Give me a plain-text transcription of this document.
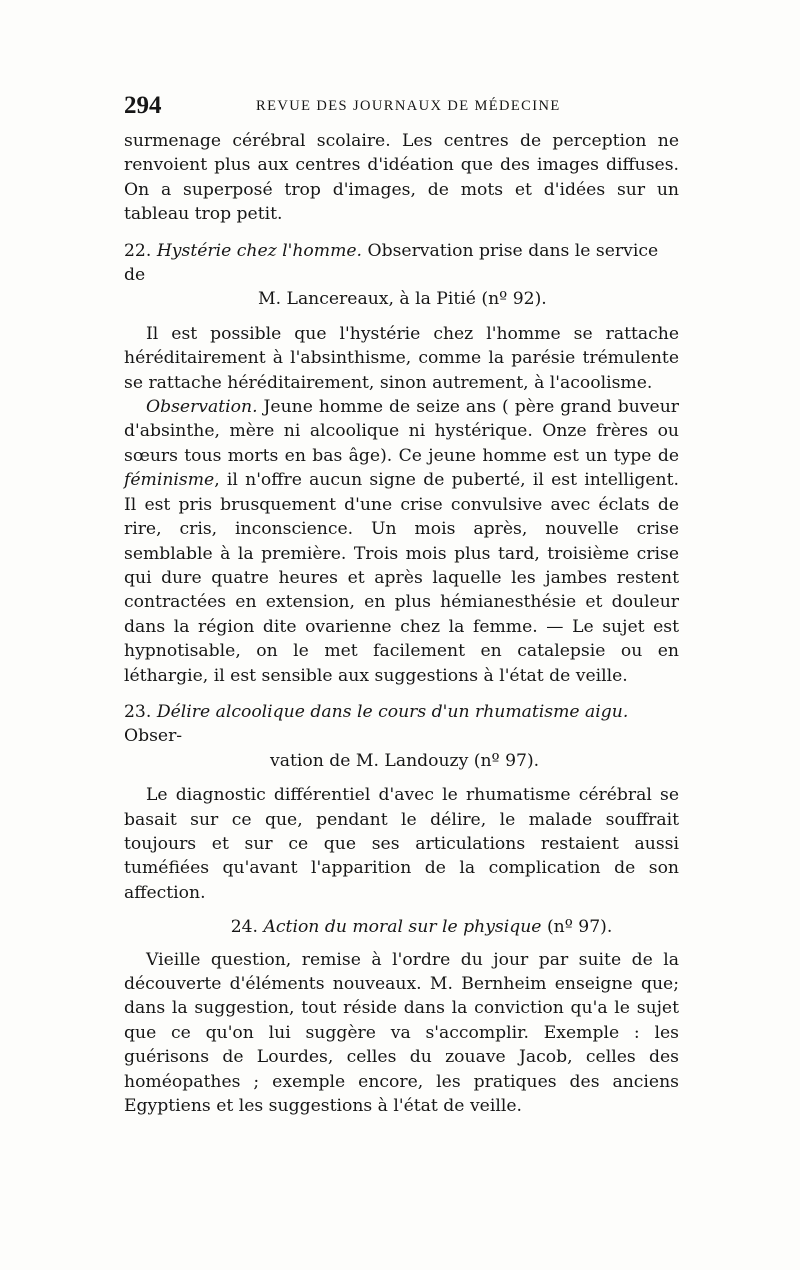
294	REVUE DES JOURNAUX DE MÉDECINE

surmenage cérébral scolaire. Les centres de perception ne renvoient plus aux centres d'idéation que des images diffuses. On a superposé trop d'images, de mots et d'idées sur un tableau trop petit.

22. Hystérie chez l'homme. Observation prise dans le service de
M. Lancereaux, à la Pitié (nº 92).

Il est possible que l'hystérie chez l'homme se rattache héréditairement à l'absinthisme, comme la parésie trémulente se rattache héréditairement, sinon autrement, à l'acoolisme.

Observation. Jeune homme de seize ans ( père grand buveur d'absinthe, mère ni alcoolique ni hystérique. Onze frères ou sœurs tous morts en bas âge). Ce jeune homme est un type de féminisme, il n'offre aucun signe de puberté, il est intelligent. Il est pris brusquement d'une crise convulsive avec éclats de rire, cris, inconscience. Un mois après, nouvelle crise semblable à la première. Trois mois plus tard, troisième crise qui dure quatre heures et après laquelle les jambes restent contractées en extension, en plus hémianesthésie et douleur dans la région dite ovarienne chez la femme. — Le sujet est hypnotisable, on le met facilement en catalepsie ou en léthargie, il est sensible aux suggestions à l'état de veille.

23. Délire alcoolique dans le cours d'un rhumatisme aigu. Obser-
vation de M. Landouzy (nº 97).

Le diagnostic différentiel d'avec le rhumatisme cérébral se basait sur ce que, pendant le délire, le malade souffrait toujours et sur ce que ses articulations restaient aussi tuméfiées qu'avant l'apparition de la complication de son affection.

24. Action du moral sur le physique (nº 97).

Vieille question, remise à l'ordre du jour par suite de la découverte d'éléments nouveaux. M. Bernheim enseigne que; dans la suggestion, tout réside dans la conviction qu'a le sujet que ce qu'on lui suggère va s'accomplir. Exemple : les guérisons de Lourdes, celles du zouave Jacob, celles des homéopathes ; exemple encore, les pratiques des anciens Egyptiens et les suggestions à l'état de veille.
